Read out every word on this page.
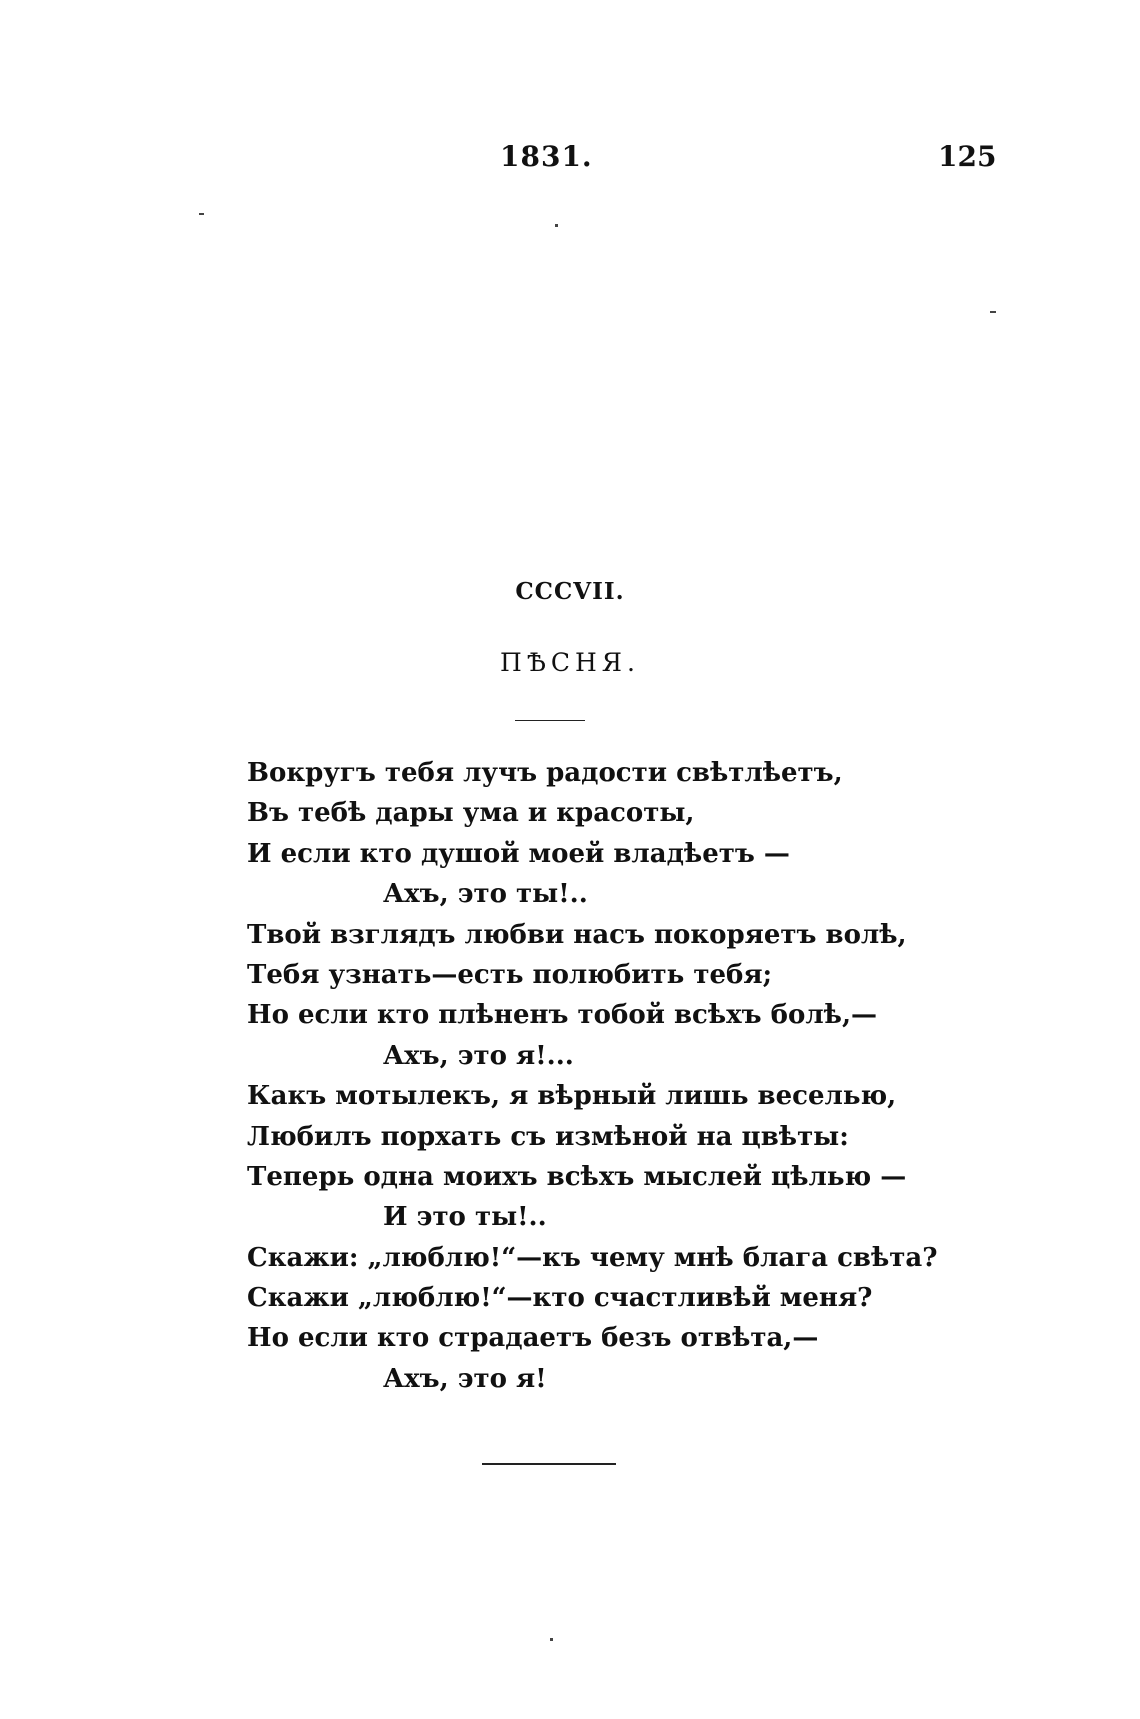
1831.	125
CCCVII.
ПѢСНЯ.
Вокругъ тебя лучъ радости свѣтлѣетъ,
Въ тебѣ дары ума и красоты,
И если кто душой моей владѣетъ —
Ахъ, это ты!..
Твой взглядъ любви насъ покоряетъ волѣ,
Тебя узнать—есть полюбить тебя;
Но если кто плѣненъ тобой всѣхъ болѣ,—
Ахъ, это я!...
Какъ мотылекъ, я вѣрный лишь веселью,
Любилъ порхать съ измѣной на цвѣты:
Теперь одна моихъ всѣхъ мыслей цѣлью —
И это ты!..
Скажи: „люблю!“—къ чему мнѣ блага свѣта?
Скажи „люблю!“—кто счастливѣй меня?
Но если кто страдаетъ безъ отвѣта,—
Ахъ, это я!
